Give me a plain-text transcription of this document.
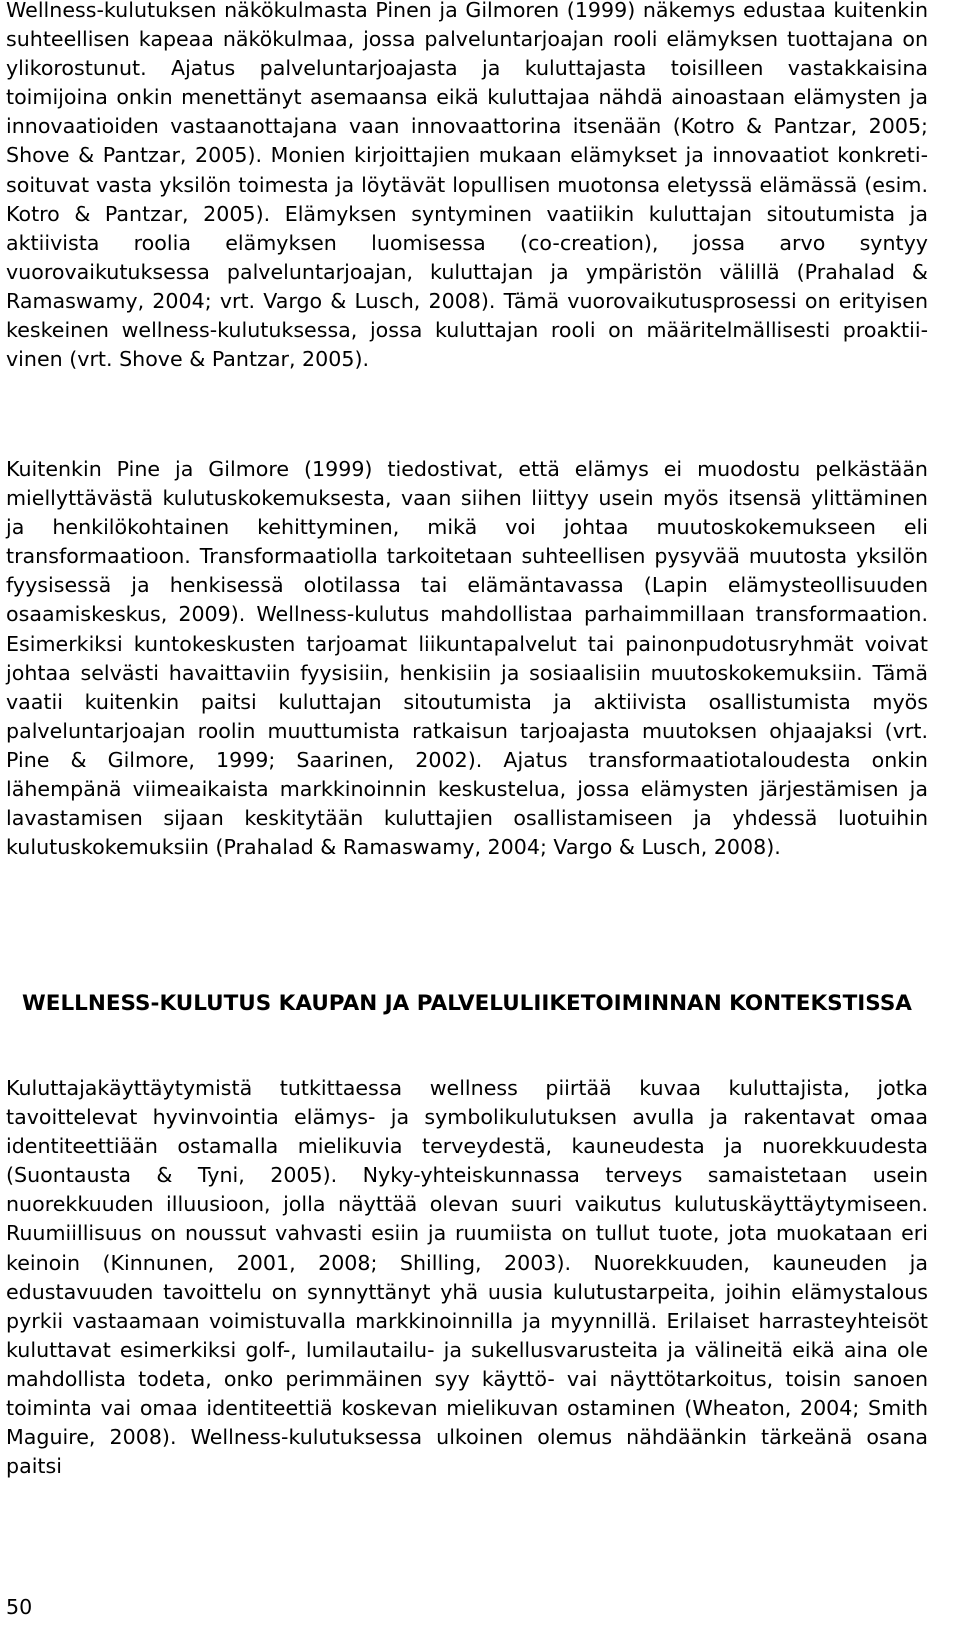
Wellness-kulutuksen näkökulmasta Pinen ja Gilmoren (1999) näkemys edustaa kuitenkin suhteellisen kapeaa näkökulmaa, jossa palveluntarjoajan rooli elämyksen tuottajana on ylikorostunut. Ajatus palveluntarjoajasta ja kuluttajasta toisilleen vastakkaisina toimijoina onkin menettänyt asemaansa eikä kuluttajaa nähdä ainoastaan elämysten ja innovaatioiden vastaanottajana vaan innovaattorina itsenään (Kotro & Pantzar, 2005; Shove & Pantzar, 2005). Monien kirjoittajien mukaan elämykset ja innovaatiot konkretisoituvat vasta yksilön toimesta ja löytävät lopullisen muotonsa eletyssä elämässä (esim. Kotro & Pantzar, 2005). Elämyksen syntyminen vaatiikin kuluttajan sitoutumista ja aktiivista roolia elämyksen luomisessa (co-creation), jossa arvo syntyy vuorovaikutuksessa palveluntarjoajan, kuluttajan ja ympäristön välillä (Prahalad & Ramaswamy, 2004; vrt. Vargo & Lusch, 2008). Tämä vuorovaikutusprosessi on erityisen keskeinen wellness-kulutuksessa, jossa kuluttajan rooli on määritelmällisesti proaktiivinen (vrt. Shove & Pantzar, 2005).

Kuitenkin Pine ja Gilmore (1999) tiedostivat, että elämys ei muodostu pelkästään miellyttävästä kulutuskokemuksesta, vaan siihen liittyy usein myös itsensä ylittäminen ja henkilökohtainen kehittyminen, mikä voi johtaa muutoskokemukseen eli transformaatioon. Transformaatiolla tarkoitetaan suhteellisen pysyvää muutosta yksilön fyysisessä ja henkisessä olotilassa tai elämäntavassa (Lapin elämysteollisuuden osaamiskeskus, 2009). Wellness-kulutus mahdollistaa parhaimmillaan transformaation. Esimerkiksi kuntokeskusten tarjoamat liikuntapalvelut tai painonpudotusryhmät voivat johtaa selvästi havaittaviin fyysisiin, henkisiin ja sosiaalisiin muutoskokemuksiin. Tämä vaatii kuitenkin paitsi kuluttajan sitoutumista ja aktiivista osallistumista myös palveluntarjoajan roolin muuttumista ratkaisun tarjoajasta muutoksen ohjaajaksi (vrt. Pine & Gilmore, 1999; Saarinen, 2002). Ajatus transformaatiotaloudesta onkin lähempänä viimeaikaista markkinoinnin keskustelua, jossa elämysten järjestämisen ja lavastamisen sijaan keskitytään kuluttajien osallistamiseen ja yhdessä luotuihin kulutuskokemuksiin (Prahalad & Ramaswamy, 2004; Vargo & Lusch, 2008).

WELLNESS-KULUTUS KAUPAN JA PALVELULIIKETOIMINNAN KONTEKSTISSA

Kuluttajakäyttäytymistä tutkittaessa wellness piirtää kuvaa kuluttajista, jotka tavoittelevat hyvinvointia elämys- ja symbolikulutuksen avulla ja rakentavat omaa identiteettiään ostamalla mielikuvia terveydestä, kauneudesta ja nuorekkuudesta (Suontausta & Tyni, 2005). Nyky-yhteiskunnassa terveys samaistetaan usein nuorekkuuden illuusioon, jolla näyttää olevan suuri vaikutus kulutuskäyttäytymiseen. Ruumiillisuus on noussut vahvasti esiin ja ruumiista on tullut tuote, jota muokataan eri keinoin (Kinnunen, 2001, 2008; Shilling, 2003). Nuorekkuuden, kauneuden ja edustavuuden tavoittelu on synnyttänyt yhä uusia kulutustarpeita, joihin elämystalous pyrkii vastaamaan voimistuvalla markkinoinnilla ja myynnillä. Erilaiset harrasteyhteisöt kuluttavat esimerkiksi golf-, lumilautailu- ja sukellusvarusteita ja välineitä eikä aina ole mahdollista todeta, onko perimmäinen syy käyttö- vai näyttötarkoitus, toisin sanoen toiminta vai omaa identiteettiä koskevan mielikuvan ostaminen (Wheaton, 2004; Smith Maguire, 2008). Wellness-kulutuksessa ulkoinen olemus nähdäänkin tärkeänä osana paitsi

50
